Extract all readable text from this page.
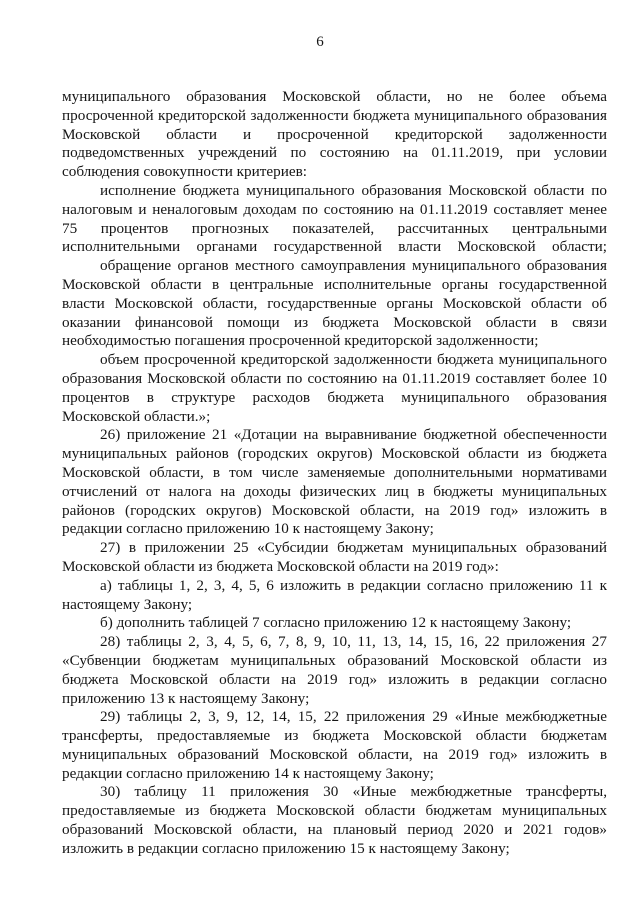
6

муниципального образования Московской области, но не более объема просроченной кредиторской задолженности бюджета муниципального образования Московской области и просроченной кредиторской задолженности подведомственных учреждений по состоянию на 01.11.2019, при условии соблюдения совокупности критериев:

исполнение бюджета муниципального образования Московской области по налоговым и неналоговым доходам по состоянию на 01.11.2019 составляет менее 75 процентов прогнозных показателей, рассчитанных центральными исполнительными органами государственной власти Московской области;

обращение органов местного самоуправления муниципального образования Московской области в центральные исполнительные органы государственной власти Московской области, государственные органы Московской области об оказании финансовой помощи из бюджета Московской области в связи необходимостью погашения просроченной кредиторской задолженности;

объем просроченной кредиторской задолженности бюджета муниципального образования Московской области по состоянию на 01.11.2019 составляет более 10 процентов в структуре расходов бюджета муниципального образования Московской области.»;

26) приложение 21 «Дотации на выравнивание бюджетной обеспеченности муниципальных районов (городских округов) Московской области из бюджета Московской области, в том числе заменяемые дополнительными нормативами отчислений от налога на доходы физических лиц в бюджеты муниципальных районов (городских округов) Московской области, на 2019 год» изложить в редакции согласно приложению 10 к настоящему Закону;

27) в приложении 25 «Субсидии бюджетам муниципальных образований Московской области из бюджета Московской области на 2019 год»:

а) таблицы 1, 2, 3, 4, 5, 6 изложить в редакции согласно приложению 11 к настоящему Закону;

б) дополнить таблицей 7 согласно приложению 12 к настоящему Закону;

28) таблицы 2, 3, 4, 5, 6, 7, 8, 9, 10, 11, 13, 14, 15, 16, 22 приложения 27 «Субвенции бюджетам муниципальных образований Московской области из бюджета Московской области на 2019 год» изложить в редакции согласно приложению 13 к настоящему Закону;

29) таблицы 2, 3, 9, 12, 14, 15, 22 приложения 29 «Иные межбюджетные трансферты, предоставляемые из бюджета Московской области бюджетам муниципальных образований Московской области, на 2019 год» изложить в редакции согласно приложению 14 к настоящему Закону;

30) таблицу 11 приложения 30 «Иные межбюджетные трансферты, предоставляемые из бюджета Московской области бюджетам муниципальных образований Московской области, на плановый период 2020 и 2021 годов» изложить в редакции согласно приложению 15 к настоящему Закону;
